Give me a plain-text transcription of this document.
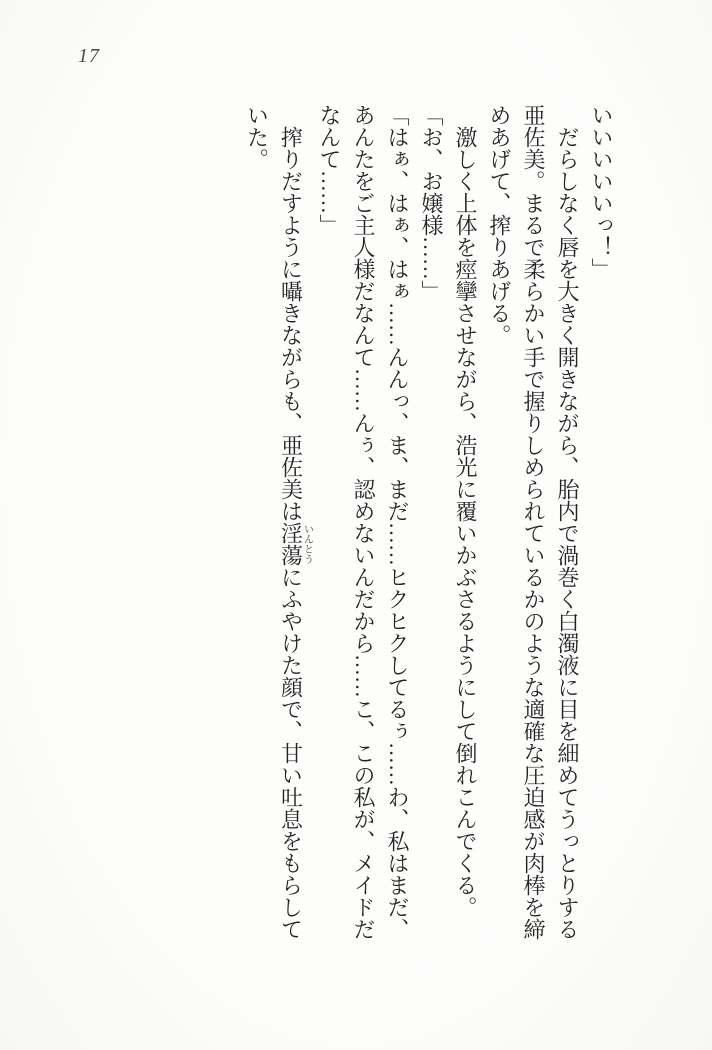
17

いいいいいっ！」

だらしなく唇を大きく開きながら、胎内で渦巻く白濁液に目を細めてうっとりする亜佐美。まるで柔らかい手で握りしめられているかのような適確な圧迫感が肉棒を締めあげて、搾りあげる。

激しく上体を痙攣させながら、浩光に覆いかぶさるようにして倒れこんでくる。

「お、お嬢様……」

「はぁ、はぁ、はぁ……んんっ、ま、まだ……ヒクヒクしてるぅ……わ、私はまだ、あんたをご主人様だなんて……んぅ、認めないんだから……こ、この私が、メイドだなんて……」

搾りだすように囁きながらも、亜佐美は淫蕩いんとうにふやけた顔で、甘い吐息をもらしていた。
